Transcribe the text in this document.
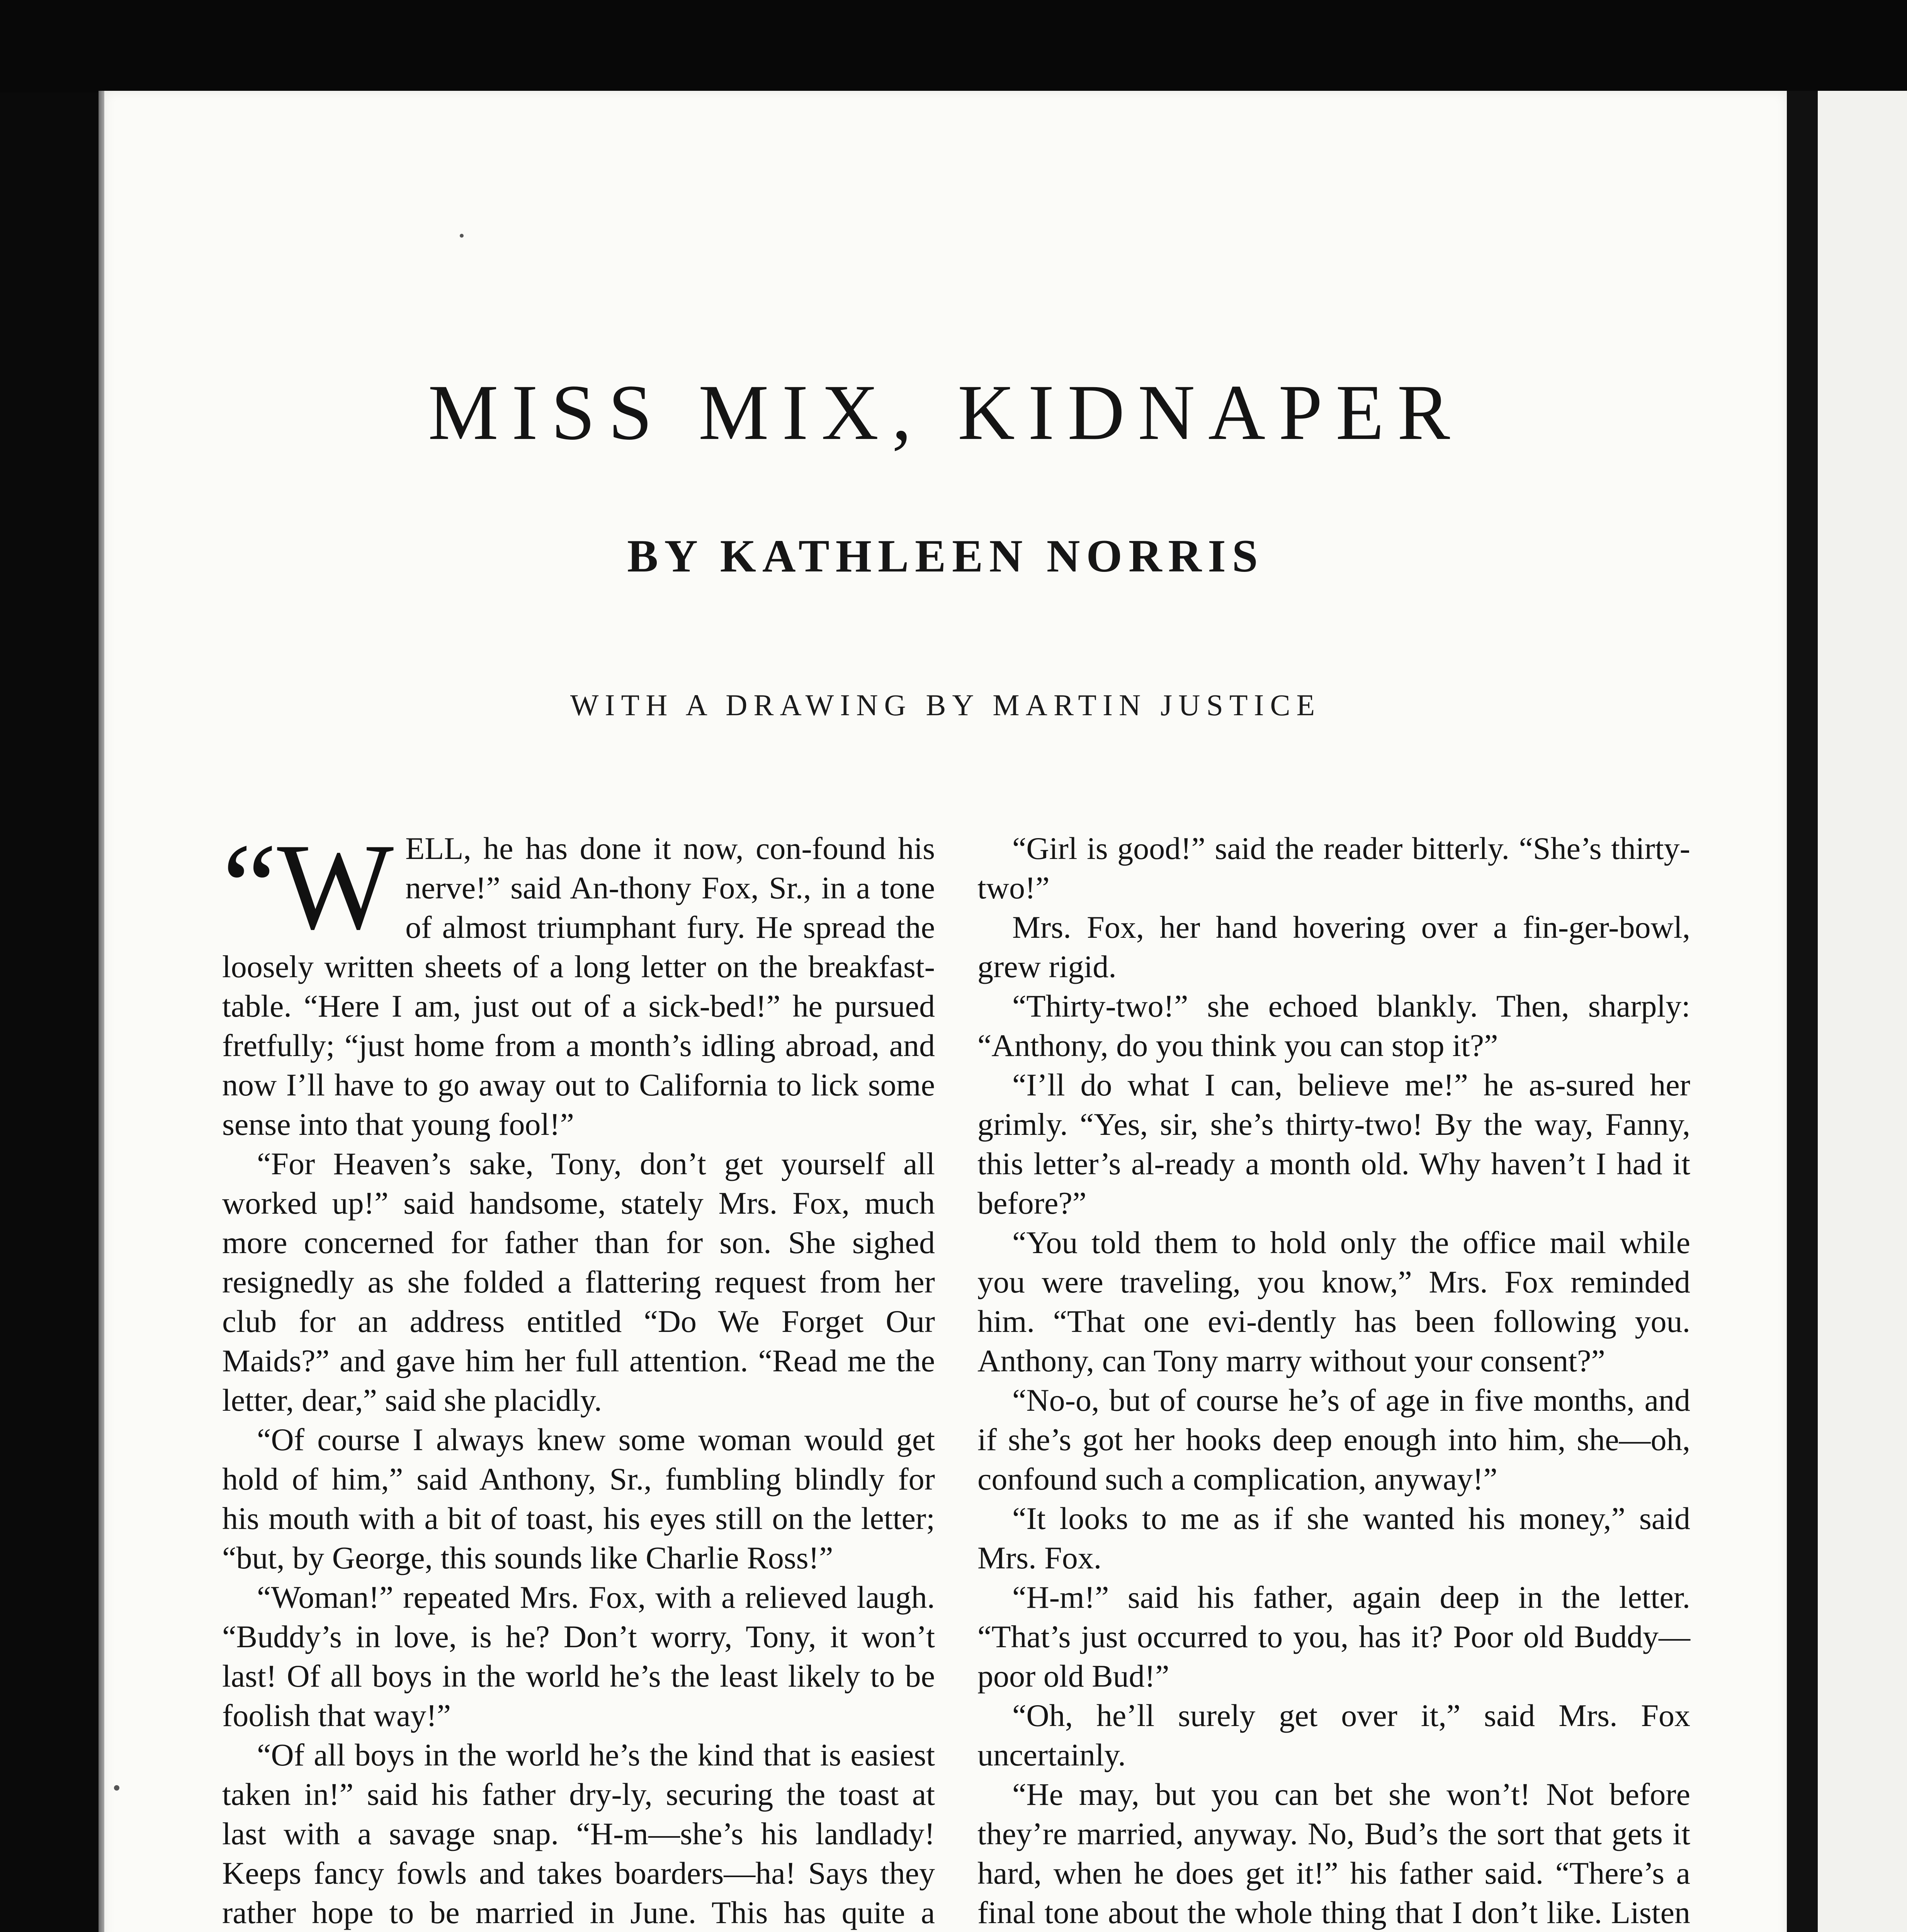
MISS MIX, KIDNAPER
BY KATHLEEN NORRIS
WITH A DRAWING BY MARTIN JUSTICE

“WELL, he has done it now, con-found his nerve!” said An-thony Fox, Sr., in a tone of almost triumphant fury. He spread the loosely written sheets of a long letter on the breakfast-table. “Here I am, just out of a sick-bed!” he pursued fretfully; “just home from a month’s idling abroad, and now I’ll have to go away out to California to lick some sense into that young fool!”

“For Heaven’s sake, Tony, don’t get yourself all worked up!” said handsome, stately Mrs. Fox, much more concerned for father than for son. She sighed resignedly as she folded a flattering request from her club for an address entitled “Do We Forget Our Maids?” and gave him her full attention. “Read me the letter, dear,” said she placidly.

“Of course I always knew some woman would get hold of him,” said Anthony, Sr., fumbling blindly for his mouth with a bit of toast, his eyes still on the letter; “but, by George, this sounds like Charlie Ross!”

“Woman!” repeated Mrs. Fox, with a relieved laugh. “Buddy’s in love, is he? Don’t worry, Tony, it won’t last! Of all boys in the world he’s the least likely to be foolish that way!”

“Of all boys in the world he’s the kind that is easiest taken in!” said his father dry-ly, securing the toast at last with a savage snap. “H-m—she’s his landlady! Keeps fancy fowls and takes boarders—ha! Says they rather hope to be married in June. This has quite a

“Girl is good!” said the reader bitterly. “She’s thirty-two!”

Mrs. Fox, her hand hovering over a fin-ger-bowl, grew rigid.

“Thirty-two!” she echoed blankly. Then, sharply: “Anthony, do you think you can stop it?”

“I’ll do what I can, believe me!” he as-sured her grimly. “Yes, sir, she’s thirty-two! By the way, Fanny, this letter’s al-ready a month old. Why haven’t I had it before?”

“You told them to hold only the office mail while you were traveling, you know,” Mrs. Fox reminded him. “That one evi-dently has been following you. Anthony, can Tony marry without your consent?”

“No-o, but of course he’s of age in five months, and if she’s got her hooks deep enough into him, she—oh, confound such a complication, anyway!”

“It looks to me as if she wanted his money,” said Mrs. Fox.

“H-m!” said his father, again deep in the letter. “That’s just occurred to you, has it? Poor old Buddy—poor old Bud!”

“Oh, he’ll surely get over it,” said Mrs. Fox uncertainly.

“He may, but you can bet she won’t! Not before they’re married, anyway. No, Bud’s the sort that gets it hard, when he does get it!” his father said. “There’s a final tone about the whole thing that I don’t like. Listen
